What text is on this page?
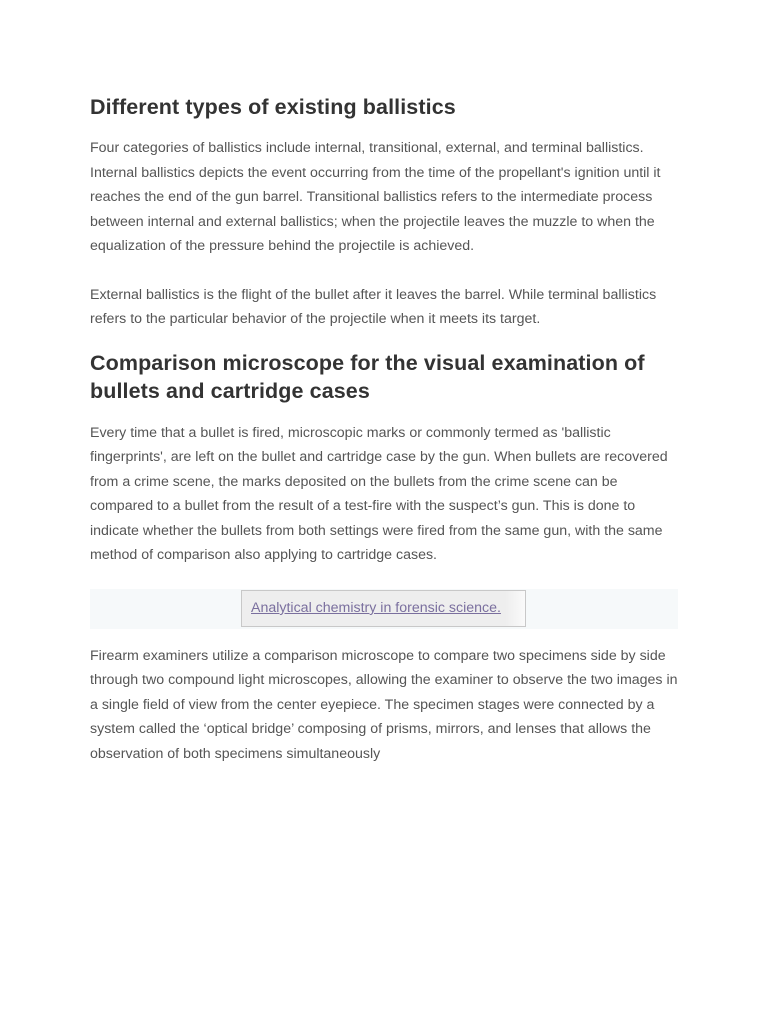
Different types of existing ballistics

Four categories of ballistics include internal, transitional, external, and terminal ballistics. Internal ballistics depicts the event occurring from the time of the propellant's ignition until it reaches the end of the gun barrel. Transitional ballistics refers to the intermediate process between internal and external ballistics; when the projectile leaves the muzzle to when the equalization of the pressure behind the projectile is achieved.

External ballistics is the flight of the bullet after it leaves the barrel. While terminal ballistics refers to the particular behavior of the projectile when it meets its target.

Comparison microscope for the visual examination of bullets and cartridge cases

Every time that a bullet is fired, microscopic marks or commonly termed as 'ballistic fingerprints', are left on the bullet and cartridge case by the gun. When bullets are recovered from a crime scene, the marks deposited on the bullets from the crime scene can be compared to a bullet from the result of a test-fire with the suspect’s gun. This is done to indicate whether the bullets from both settings were fired from the same gun, with the same method of comparison also applying to cartridge cases.

Analytical chemistry in forensic science.

Firearm examiners utilize a comparison microscope to compare two specimens side by side through two compound light microscopes, allowing the examiner to observe the two images in a single field of view from the center eyepiece. The specimen stages were connected by a system called the ‘optical bridge’ composing of prisms, mirrors, and lenses that allows the observation of both specimens simultaneously
